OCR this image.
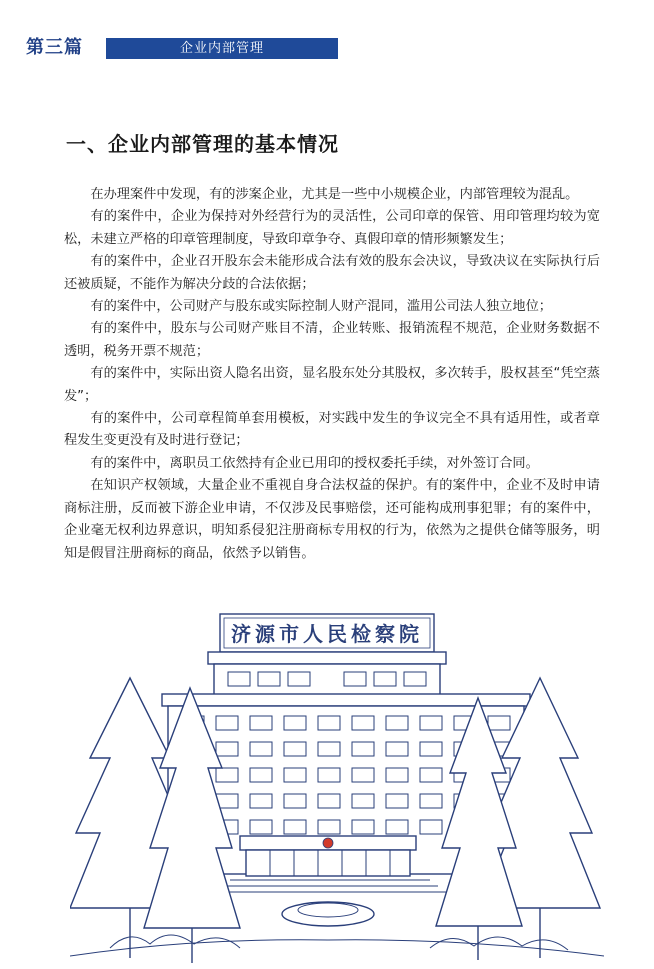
第三篇	企业内部管理
一、企业内部管理的基本情况

在办理案件中发现，有的涉案企业，尤其是一些中小规模企业，内部管理较为混乱。

有的案件中，企业为保持对外经营行为的灵活性，公司印章的保管、用印管理均较为宽松，未建立严格的印章管理制度，导致印章争夺、真假印章的情形频繁发生；

有的案件中，企业召开股东会未能形成合法有效的股东会决议，导致决议在实际执行后还被质疑，不能作为解决分歧的合法依据；

有的案件中，公司财产与股东或实际控制人财产混同，滥用公司法人独立地位；

有的案件中，股东与公司财产账目不清，企业转账、报销流程不规范，企业财务数据不透明，税务开票不规范；

有的案件中，实际出资人隐名出资，显名股东处分其股权，多次转手，股权甚至“凭空蒸发”；

有的案件中，公司章程简单套用模板，对实践中发生的争议完全不具有适用性，或者章程发生变更没有及时进行登记；

有的案件中，离职员工依然持有企业已用印的授权委托手续，对外签订合同。

在知识产权领域，大量企业不重视自身合法权益的保护。有的案件中，企业不及时申请商标注册，反而被下游企业申请，不仅涉及民事赔偿，还可能构成刑事犯罪；有的案件中，企业毫无权利边界意识，明知系侵犯注册商标专用权的行为，依然为之提供仓储等服务，明知是假冒注册商标的商品，依然予以销售。

济源市人民检察院
